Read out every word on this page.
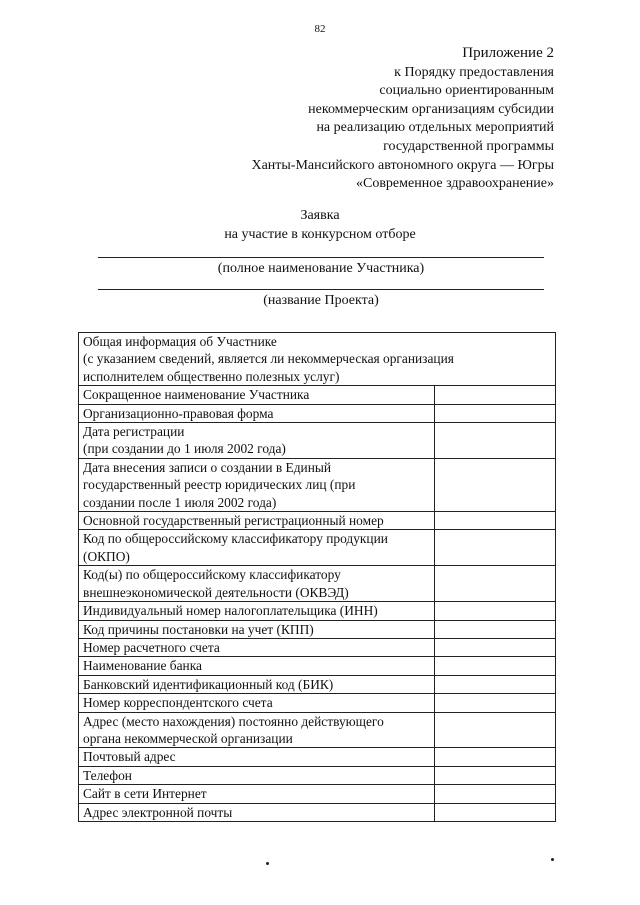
82
Приложение 2
к Порядку предоставления
социально ориентированным
некоммерческим организациям субсидии
на реализацию отдельных мероприятий
государственной программы
Ханты-Мансийского автономного округа — Югры
«Современное здравоохранение»
Заявка
на участие в конкурсном отборе
(полное наименование Участника)
(название Проекта)
Общая информация об Участнике
(с указанием сведений, является ли некоммерческая организация
исполнителем общественно полезных услуг)	

Сокращенное наименование Участника	

Организационно-правовая форма	

Дата регистрации
(при создании до 1 июля 2002 года)	

Дата внесения записи о создании в Единый
государственный реестр юридических лиц (при
создании после 1 июля 2002 года)	

Основной государственный регистрационный номер	

Код по общероссийскому классификатору продукции
(ОКПО)	

Код(ы) по общероссийскому классификатору
внешнеэкономической деятельности (ОКВЭД)	

Индивидуальный номер налогоплательщика (ИНН)	

Код причины постановки на учет (КПП)	

Номер расчетного счета	

Наименование банка	

Банковский идентификационный код (БИК)	

Номер корреспондентского счета	

Адрес (место нахождения) постоянно действующего
органа некоммерческой организации	

Почтовый адрес	

Телефон	

Сайт в сети Интернет	

Адрес электронной почты	
